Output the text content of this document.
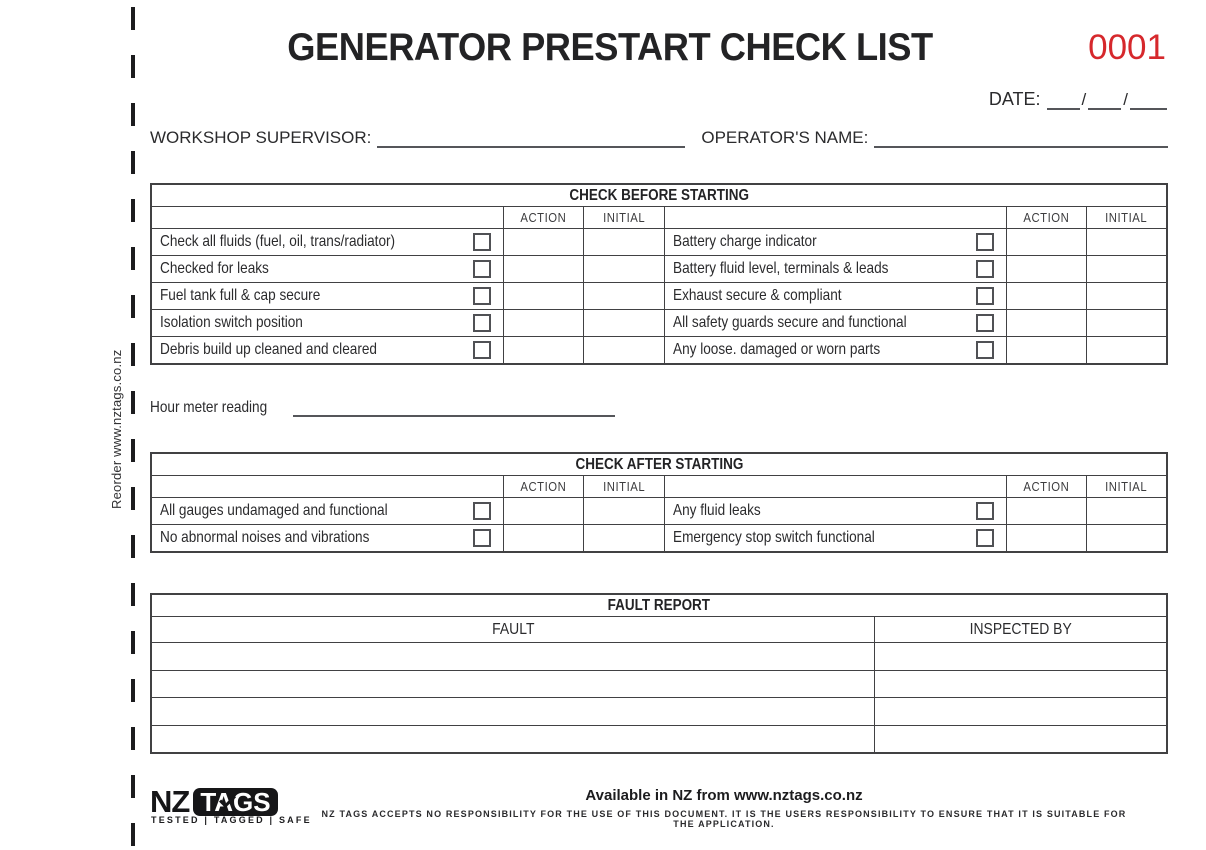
Reorder www.nztags.co.nz
GENERATOR PRESTART CHECK LIST	0001
DATE:
/ /
WORKSHOP SUPERVISOR:	OPERATOR'S NAME:
CHECK BEFORE STARTING					
	ACTION	INITIAL		ACTION	INITIAL

Check all fluids (fuel, oil, trans/radiator)			Battery charge indicator		

Checked for leaks			Battery fluid level, terminals & leads		

Fuel tank full & cap secure			Exhaust secure & compliant		

Isolation switch position			All safety guards secure and functional		

Debris build up cleaned and cleared			Any loose. damaged or worn parts		

Hour meter reading
CHECK AFTER STARTING					
	ACTION	INITIAL		ACTION	INITIAL

All gauges undamaged and functional			Any fluid leaks		

No abnormal noises and vibrations			Emergency stop switch functional		

FAULT REPORT	
FAULT	INSPECTED BY

NZ TAGS
TESTED | TAGGED | SAFE
Available in NZ from www.nztags.co.nz
NZ TAGS ACCEPTS NO RESPONSIBILITY FOR THE USE OF THIS DOCUMENT. IT IS THE USERS RESPONSIBILITY TO ENSURE THAT IT IS SUITABLE FOR THE APPLICATION.
